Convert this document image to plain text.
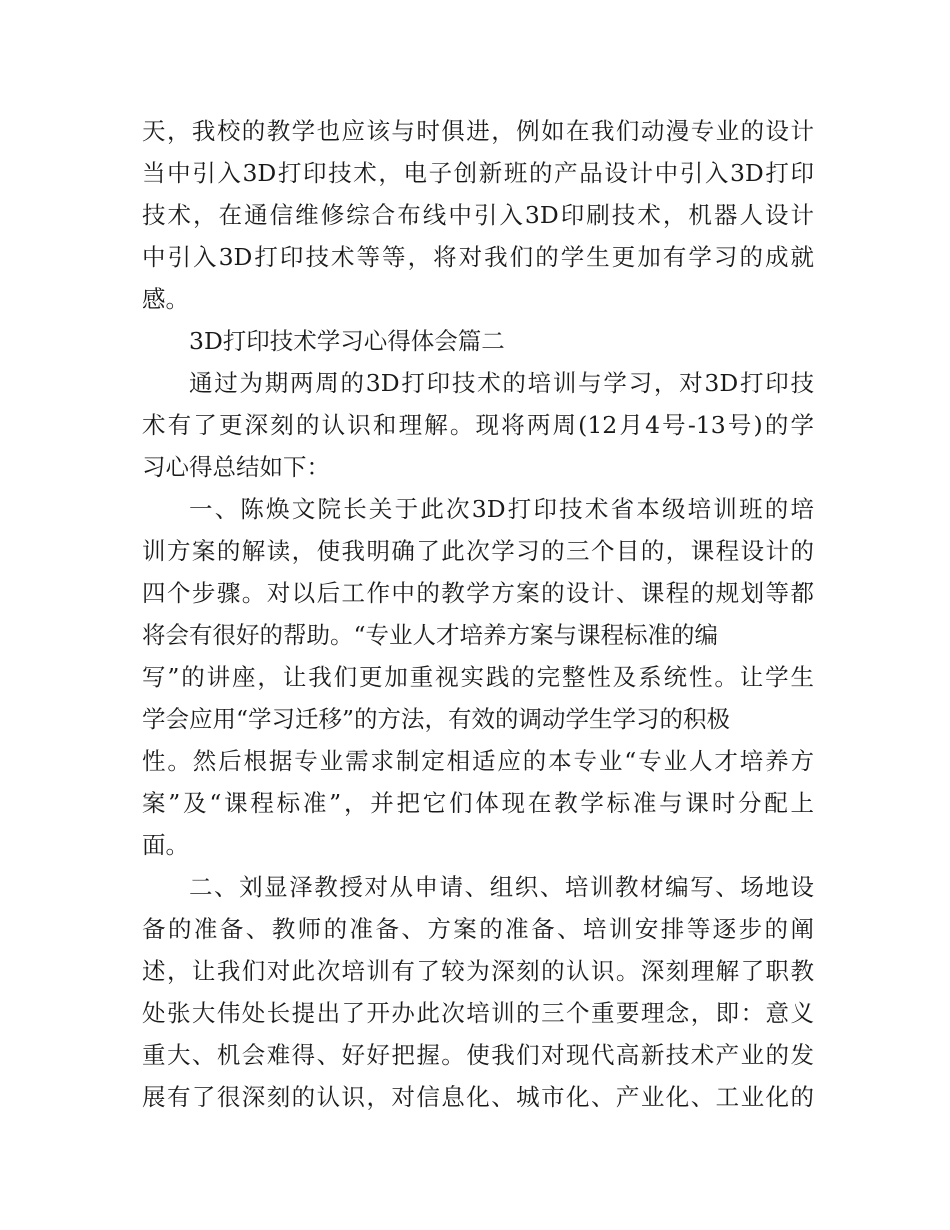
天，我校的教学也应该与时俱进，例如在我们动漫专业的设计
当中引入3D打印技术，电子创新班的产品设计中引入3D打印
技术，在通信维修综合布线中引入3D印刷技术，机器人设计
中引入3D打印技术等等，将对我们的学生更加有学习的成就
感。
3D打印技术学习心得体会篇二
通过为期两周的3D打印技术的培训与学习，对3D打印技
术有了更深刻的认识和理解。现将两周(12月4号-13号)的学
习心得总结如下：
一、陈焕文院长关于此次3D打印技术省本级培训班的培
训方案的解读，使我明确了此次学习的三个目的，课程设计的
四个步骤。对以后工作中的教学方案的设计、课程的规划等都
将会有很好的帮助。“专业人才培养方案与课程标准的编
写”的讲座，让我们更加重视实践的完整性及系统性。让学生
学会应用“学习迁移”的方法，有效的调动学生学习的积极
性。然后根据专业需求制定相适应的本专业“专业人才培养方
案”及“课程标准”，并把它们体现在教学标准与课时分配上
面。
二、刘显泽教授对从申请、组织、培训教材编写、场地设
备的准备、教师的准备、方案的准备、培训安排等逐步的阐
述，让我们对此次培训有了较为深刻的认识。深刻理解了职教
处张大伟处长提出了开办此次培训的三个重要理念，即：意义
重大、机会难得、好好把握。使我们对现代高新技术产业的发
展有了很深刻的认识，对信息化、城市化、产业化、工业化的
